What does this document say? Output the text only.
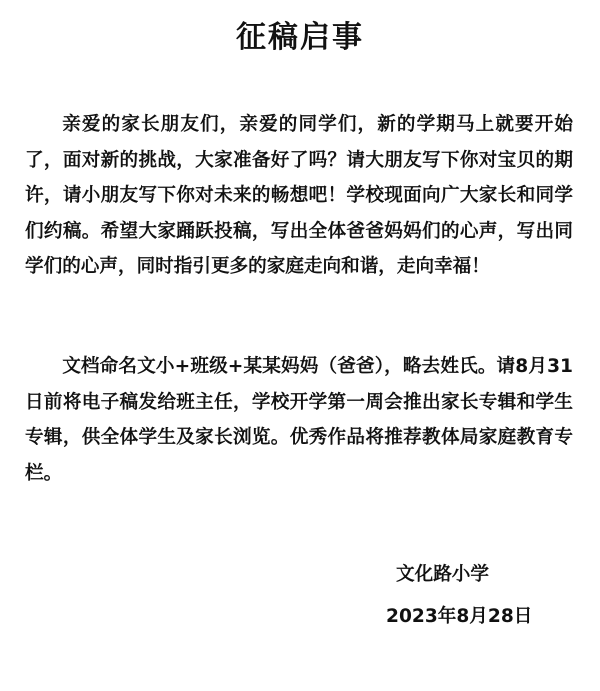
征稿启事

亲爱的家长朋友们，亲爱的同学们，新的学期马上就要开始了，面对新的挑战，大家准备好了吗？请大朋友写下你对宝贝的期许，请小朋友写下你对未来的畅想吧！学校现面向广大家长和同学们约稿。希望大家踊跃投稿，写出全体爸爸妈妈们的心声，写出同学们的心声，同时指引更多的家庭走向和谐，走向幸福！

文档命名文小+班级+某某妈妈（爸爸），略去姓氏。请8月31日前将电子稿发给班主任，学校开学第一周会推出家长专辑和学生专辑，供全体学生及家长浏览。优秀作品将推荐教体局家庭教育专栏。

文化路小学
2023年8月28日
